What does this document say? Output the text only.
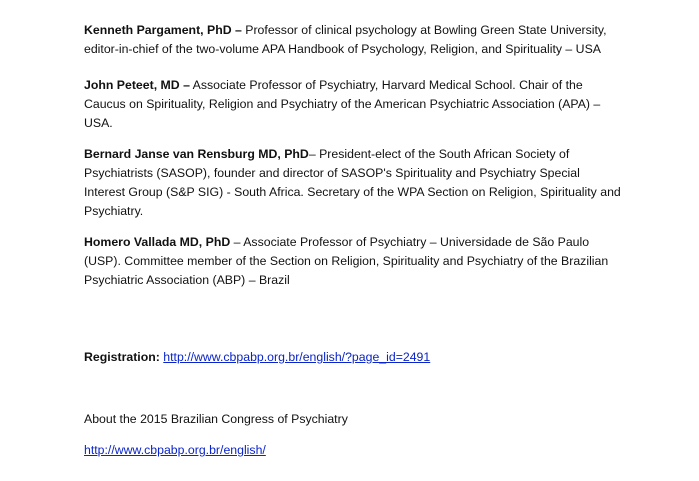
Kenneth Pargament, PhD – Professor of clinical psychology at Bowling Green State University, editor-in-chief of the two-volume APA Handbook of Psychology, Religion, and Spirituality – USA

John Peteet, MD – Associate Professor of Psychiatry, Harvard Medical School. Chair of the Caucus on Spirituality, Religion and Psychiatry of the American Psychiatric Association (APA) – USA.

Bernard Janse van Rensburg MD, PhD– President-elect of the South African Society of Psychiatrists (SASOP), founder and director of SASOP's Spirituality and Psychiatry Special Interest Group (S&P SIG) - South Africa. Secretary of the WPA Section on Religion, Spirituality and Psychiatry.

Homero Vallada MD, PhD – Associate Professor of Psychiatry – Universidade de São Paulo (USP). Committee member of the Section on Religion, Spirituality and Psychiatry of the Brazilian Psychiatric Association (ABP) – Brazil

Registration: http://www.cbpabp.org.br/english/?page_id=2491

About the 2015 Brazilian Congress of Psychiatry

http://www.cbpabp.org.br/english/
